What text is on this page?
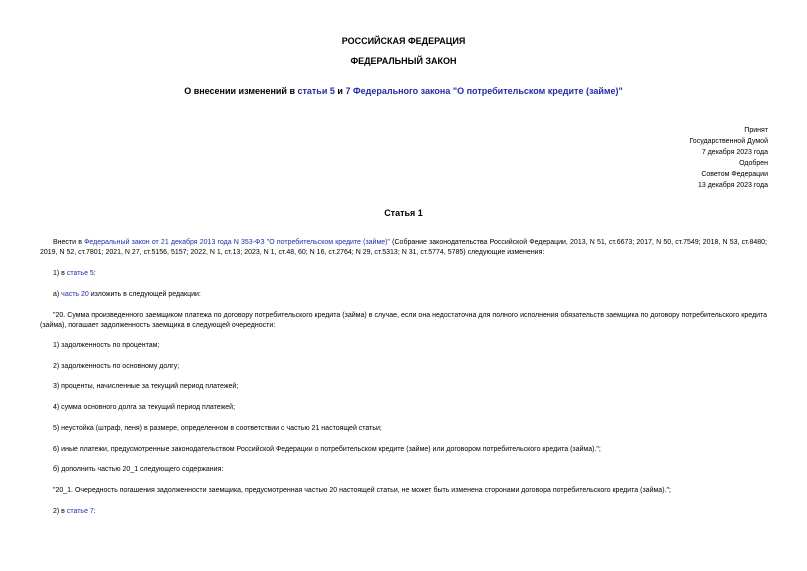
РОССИЙСКАЯ ФЕДЕРАЦИЯ
ФЕДЕРАЛЬНЫЙ ЗАКОН
О внесении изменений в статьи 5 и 7 Федерального закона "О потребительском кредите (займе)"
Принят
Государственной Думой
7 декабря 2023 года
Одобрен
Советом Федерации
13 декабря 2023 года
Статья 1
Внести в Федеральный закон от 21 декабря 2013 года N 353-ФЗ "О потребительском кредите (займе)" (Собрание законодательства Российской Федерации, 2013, N 51, ст.6673; 2017, N 50, ст.7549; 2018, N 53, ст.8480; 2019, N 52, ст.7801; 2021, N 27, ст.5156, 5157; 2022, N 1, ст.13; 2023, N 1, ст.48, 60; N 16, ст.2764; N 29, ст.5313; N 31, ст.5774, 5785) следующие изменения:
1) в статье 5:
а) часть 20 изложить в следующей редакции:
"20. Сумма произведенного заемщиком платежа по договору потребительского кредита (займа) в случае, если она недостаточна для полного исполнения обязательств заемщика по договору потребительского кредита (займа), погашает задолженность заемщика в следующей очередности:
1) задолженность по процентам;
2) задолженность по основному долгу;
3) проценты, начисленные за текущий период платежей;
4) сумма основного долга за текущий период платежей;
5) неустойка (штраф, пеня) в размере, определенном в соответствии с частью 21 настоящей статьи;
6) иные платежи, предусмотренные законодательством Российской Федерации о потребительском кредите (займе) или договором потребительского кредита (займа).";
б) дополнить частью 20_1 следующего содержания:
"20_1. Очередность погашения задолженности заемщика, предусмотренная частью 20 настоящей статьи, не может быть изменена сторонами договора потребительского кредита (займа).";
2) в статье 7:
